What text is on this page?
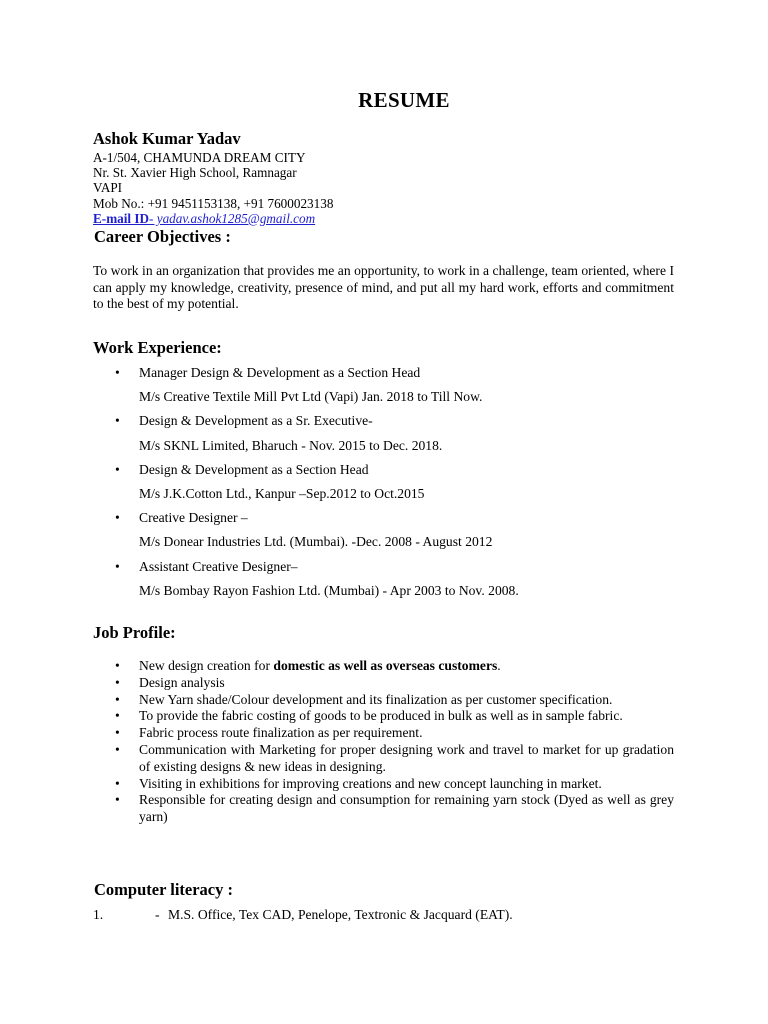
RESUME
Ashok Kumar Yadav
A-1/504, CHAMUNDA DREAM CITY
Nr. St. Xavier High School, Ramnagar
VAPI
Mob No.: +91 9451153138, +91 7600023138
E-mail ID- yadav.ashok1285@gmail.com
Career Objectives :
To work in an organization that provides me an opportunity, to work in a challenge, team oriented, where I can apply my knowledge, creativity, presence of mind, and put all my hard work, efforts and commitment to the best of my potential.
Work Experience:
• Manager Design & Development as a Section Head
M/s Creative Textile Mill Pvt Ltd (Vapi) Jan. 2018 to Till Now.
• Design & Development as a Sr. Executive-
M/s SKNL Limited, Bharuch - Nov. 2015 to Dec. 2018.
• Design & Development as a Section Head
M/s J.K.Cotton Ltd., Kanpur –Sep.2012 to Oct.2015
• Creative Designer –
M/s Donear Industries Ltd. (Mumbai). -Dec. 2008 - August 2012
• Assistant Creative Designer–
M/s Bombay Rayon Fashion Ltd. (Mumbai) - Apr 2003 to Nov. 2008.
Job Profile:
• New design creation for domestic as well as overseas customers.
• Design analysis
• New Yarn shade/Colour development and its finalization as per customer specification.
• To provide the fabric costing of goods to be produced in bulk as well as in sample fabric.
• Fabric process route finalization as per requirement.
• Communication with Marketing for proper designing work and travel to market for up gradation of existing designs & new ideas in designing.
• Visiting in exhibitions for improving creations and new concept launching in market.
• Responsible for creating design and consumption for remaining yarn stock (Dyed as well as grey yarn)
Computer literacy :
1.	- M.S. Office, Tex CAD, Penelope, Textronic & Jacquard (EAT).
